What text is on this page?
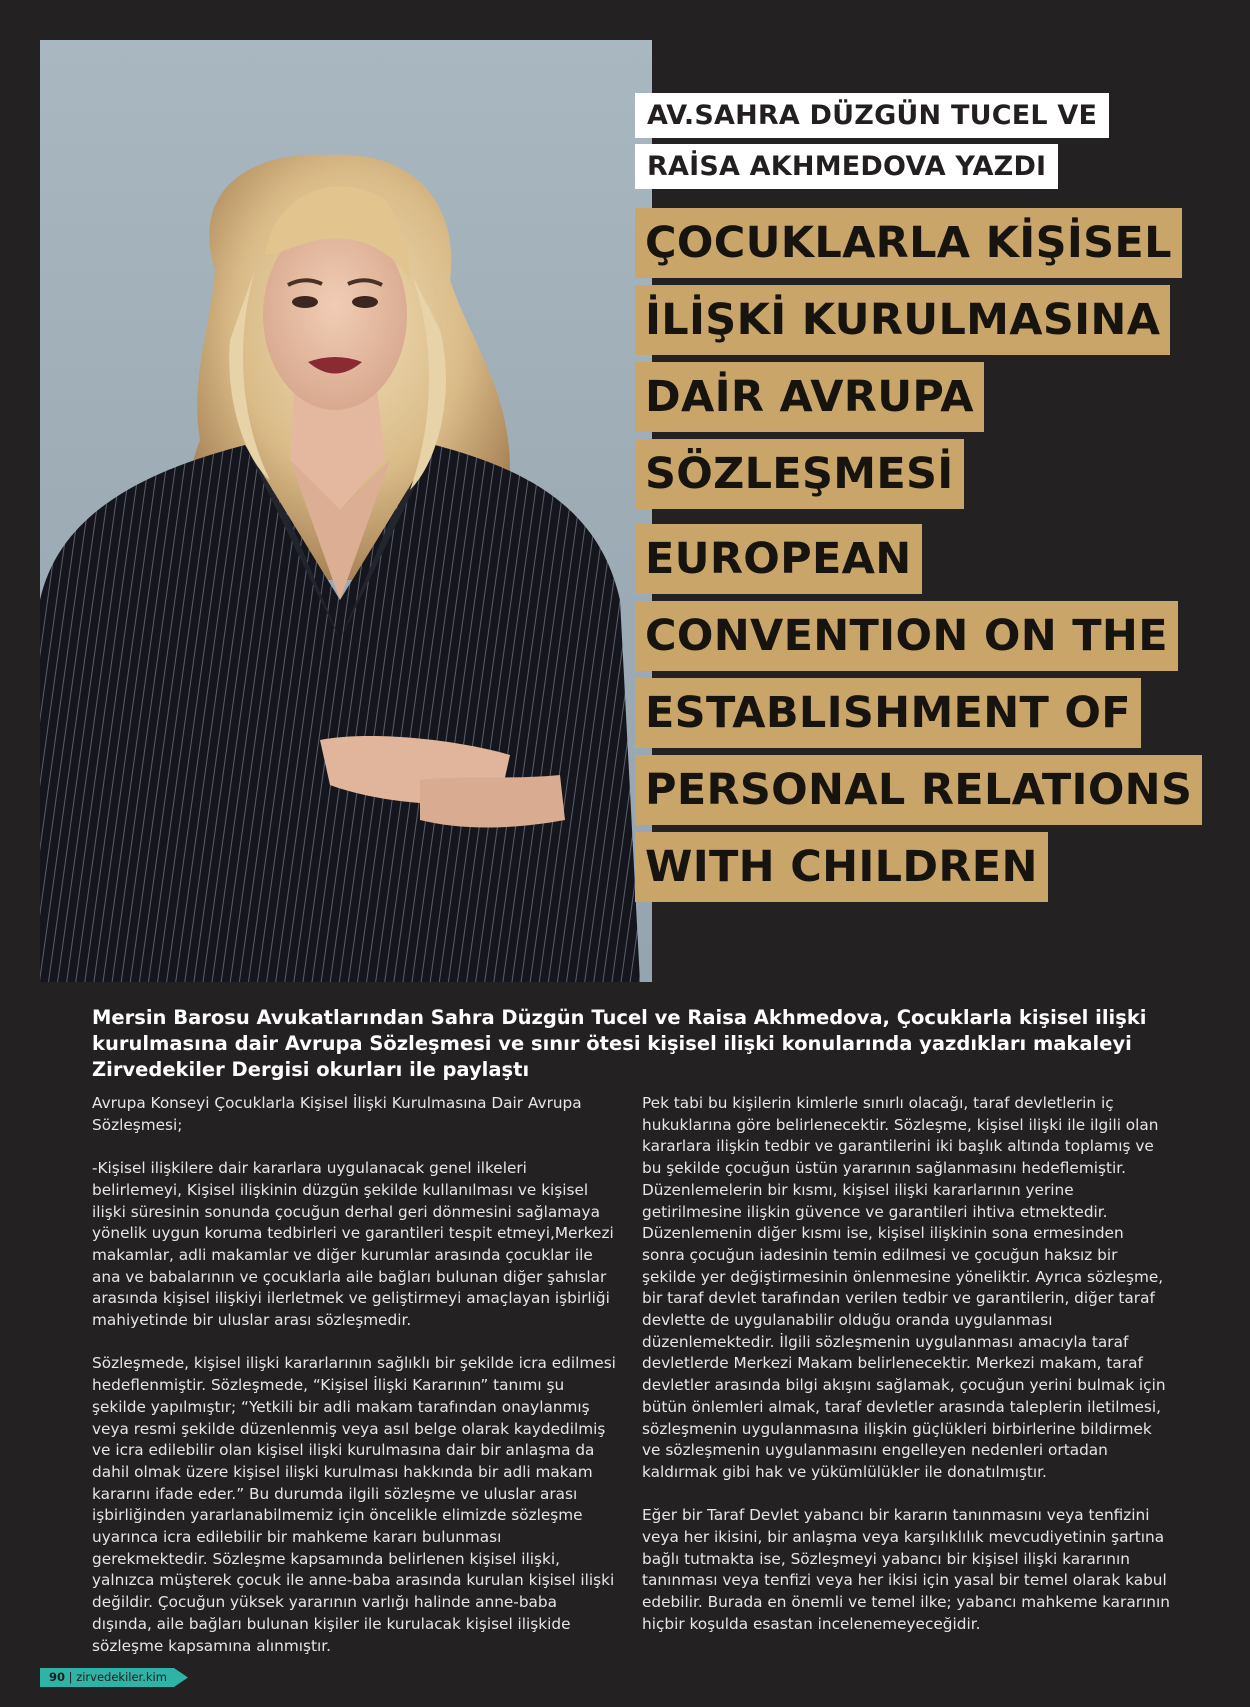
AV.SAHRA DÜZGÜN TUCEL VE
RAİSA AKHMEDOVA YAZDI
ÇOCUKLARLA KİŞİSEL
İLİŞKİ KURULMASINA
DAİR AVRUPA
SÖZLEŞMESİ
EUROPEAN
CONVENTION ON THE
ESTABLISHMENT OF
PERSONAL RELATIONS
WITH CHILDREN
Mersin Barosu Avukatlarından Sahra Düzgün Tucel ve Raisa Akhmedova, Çocuklarla kişisel ilişki kurulmasına dair Avrupa Sözleşmesi ve sınır ötesi kişisel ilişki konularında yazdıkları makaleyi Zirvedekiler Dergisi okurları ile paylaştı

Avrupa Konseyi Çocuklarla Kişisel İlişki Kurulmasına Dair Avrupa Sözleşmesi;

-Kişisel ilişkilere dair kararlara uygulanacak genel ilkeleri belirlemeyi, Kişisel ilişkinin düzgün şekilde kullanılması ve kişisel ilişki süresinin sonunda çocuğun derhal geri dönmesini sağlamaya yönelik uygun koruma tedbirleri ve garantileri tespit etmeyi,Merkezi makamlar, adli makamlar ve diğer kurumlar arasında çocuklar ile ana ve babalarının ve çocuklarla aile bağları bulunan diğer şahıslar arasında kişisel ilişkiyi ilerletmek ve geliştirmeyi amaçlayan işbirliği mahiyetinde bir uluslar arası sözleşmedir.

Sözleşmede, kişisel ilişki kararlarının sağlıklı bir şekilde icra edilmesi hedeflenmiştir. Sözleşmede, “Kişisel İlişki Kararının” tanımı şu şekilde yapılmıştır; “Yetkili bir adli makam tarafından onaylanmış veya resmi şekilde düzenlenmiş veya asıl belge olarak kaydedilmiş ve icra edilebilir olan kişisel ilişki kurulmasına dair bir anlaşma da dahil olmak üzere kişisel ilişki kurulması hakkında bir adli makam kararını ifade eder.” Bu durumda ilgili sözleşme ve uluslar arası işbirliğinden yararlanabilmemiz için öncelikle elimizde sözleşme uyarınca icra edilebilir bir mahkeme kararı bulunması gerekmektedir. Sözleşme kapsamında belirlenen kişisel ilişki, yalnızca müşterek çocuk ile anne-baba arasında kurulan kişisel ilişki değildir. Çocuğun yüksek yararının varlığı halinde anne-baba dışında, aile bağları bulunan kişiler ile kurulacak kişisel ilişkide sözleşme kapsamına alınmıştır.

Pek tabi bu kişilerin kimlerle sınırlı olacağı, taraf devletlerin iç hukuklarına göre belirlenecektir. Sözleşme, kişisel ilişki ile ilgili olan kararlara ilişkin tedbir ve garantilerini iki başlık altında toplamış ve bu şekilde çocuğun üstün yararının sağlanmasını hedeflemiştir. Düzenlemelerin bir kısmı, kişisel ilişki kararlarının yerine getirilmesine ilişkin güvence ve garantileri ihtiva etmektedir. Düzenlemenin diğer kısmı ise, kişisel ilişkinin sona ermesinden sonra çocuğun iadesinin temin edilmesi ve çocuğun haksız bir şekilde yer değiştirmesinin önlenmesine yöneliktir. Ayrıca sözleşme, bir taraf devlet tarafından verilen tedbir ve garantilerin, diğer taraf devlette de uygulanabilir olduğu oranda uygulanması düzenlemektedir. İlgili sözleşmenin uygulanması amacıyla taraf devletlerde Merkezi Makam belirlenecektir. Merkezi makam, taraf devletler arasında bilgi akışını sağlamak, çocuğun yerini bulmak için bütün önlemleri almak, taraf devletler arasında taleplerin iletilmesi, sözleşmenin uygulanmasına ilişkin güçlükleri birbirlerine bildirmek ve sözleşmenin uygulanmasını engelleyen nedenleri ortadan kaldırmak gibi hak ve yükümlülükler ile donatılmıştır.

Eğer bir Taraf Devlet yabancı bir kararın tanınmasını veya tenfizini veya her ikisini, bir anlaşma veya karşılıklılık mevcudiyetinin şartına bağlı tutmakta ise, Sözleşmeyi yabancı bir kişisel ilişki kararının tanınması veya tenfizi veya her ikisi için yasal bir temel olarak kabul edebilir. Burada en önemli ve temel ilke; yabancı mahkeme kararının hiçbir koşulda esastan incelenemeyeceğidir.

90 | zirvedekiler.kim
